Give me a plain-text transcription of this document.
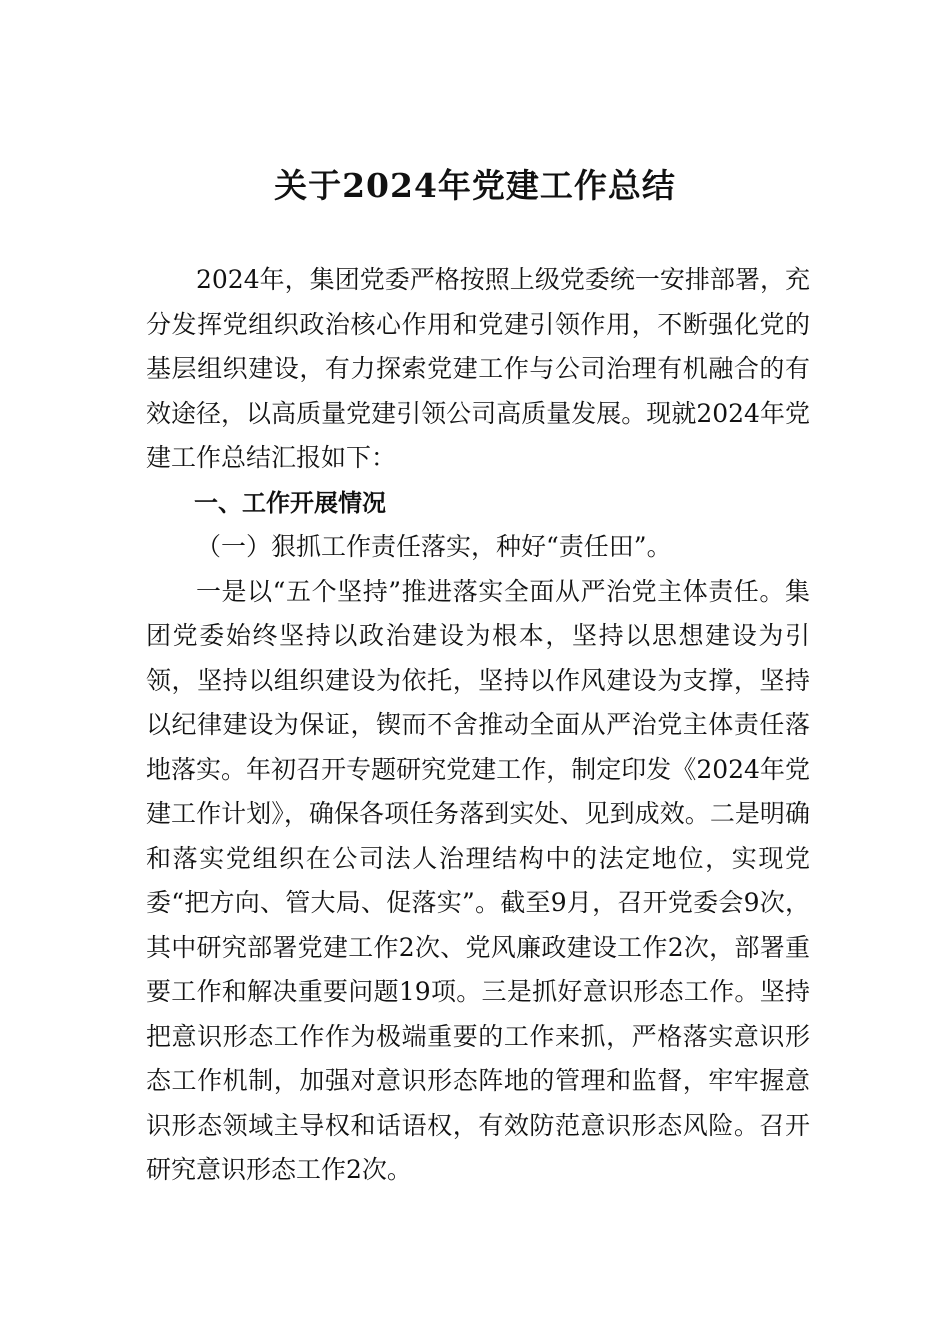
关于2024年党建工作总结

2024年，集团党委严格按照上级党委统一安排部署，充分发挥党组织政治核心作用和党建引领作用，不断强化党的基层组织建设，有力探索党建工作与公司治理有机融合的有效途径，以高质量党建引领公司高质量发展。现就2024年党建工作总结汇报如下：

一、工作开展情况

（一）狠抓工作责任落实，种好“责任田”。

一是以“五个坚持”推进落实全面从严治党主体责任。集团党委始终坚持以政治建设为根本，坚持以思想建设为引领，坚持以组织建设为依托，坚持以作风建设为支撑，坚持以纪律建设为保证，锲而不舍推动全面从严治党主体责任落地落实。年初召开专题研究党建工作，制定印发《2024年党建工作计划》，确保各项任务落到实处、见到成效。二是明确和落实党组织在公司法人治理结构中的法定地位，实现党委“把方向、管大局、促落实”。截至9月，召开党委会9次，其中研究部署党建工作2次、党风廉政建设工作2次，部署重要工作和解决重要问题19项。三是抓好意识形态工作。坚持把意识形态工作作为极端重要的工作来抓，严格落实意识形态工作机制，加强对意识形态阵地的管理和监督，牢牢握意识形态领域主导权和话语权，有效防范意识形态风险。召开研究意识形态工作2次。
